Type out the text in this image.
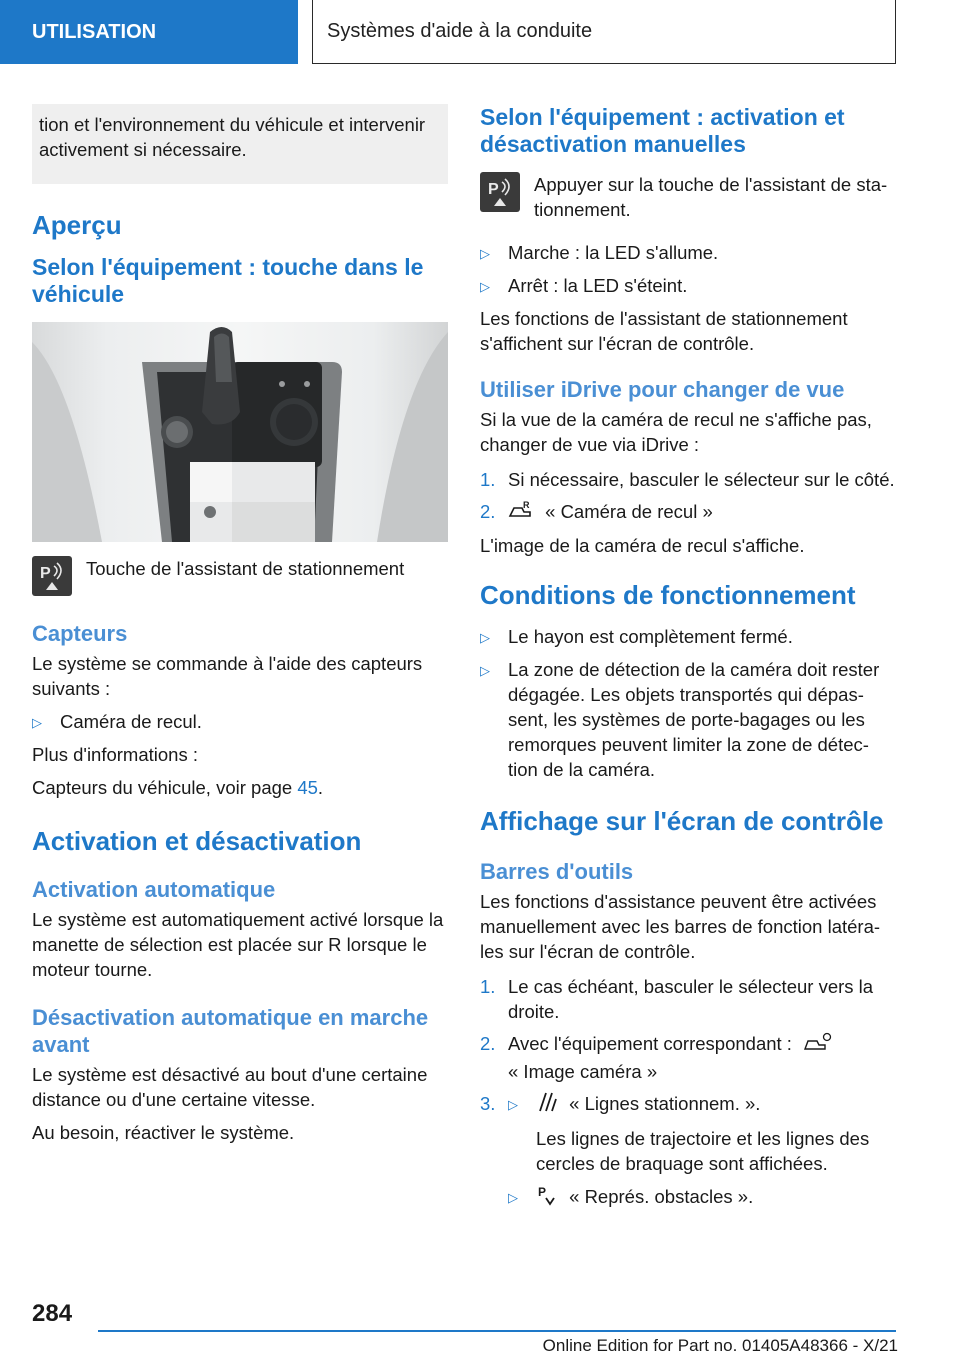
UTILISATION	Systèmes d'aide à la conduite
tion et l'environnement du véhicule et intervenir activement si nécessaire.
Aperçu
Selon l'équipement : touche dans le véhicule
P Touche de l'assistant de stationnement

Capteurs

Le système se commande à l'aide des capteurs suivants :

▷ Caméra de recul.

Plus d'informations :

Capteurs du véhicule, voir page 45.

Activation et désactivation
Activation automatique

Le système est automatiquement activé lorsque la manette de sélection est placée sur R lorsque le moteur tourne.

Désactivation automatique en marche avant

Le système est désactivé au bout d'une certaine distance ou d'une certaine vitesse.

Au besoin, réactiver le système.

Selon l'équipement : activation et désactivation manuelles
P Appuyer sur la touche de l'assistant de sta-tionnement.

▷ Marche : la LED s'allume.
▷ Arrêt : la LED s'éteint.

Les fonctions de l'assistant de stationnement s'affichent sur l'écran de contrôle.

Utiliser iDrive pour changer de vue

Si la vue de la caméra de recul ne s'affiche pas, changer de vue via iDrive :

1. Si nécessaire, basculer le sélecteur sur le côté.
2.	R « Caméra de recul »

L'image de la caméra de recul s'affiche.

Conditions de fonctionnement
▷ Le hayon est complètement fermé.
▷ La zone de détection de la caméra doit rester dégagée. Les objets transportés qui dépas-sent, les systèmes de porte-bagages ou les remorques peuvent limiter la zone de détec-tion de la caméra.
Affichage sur l'écran de contrôle
Barres d'outils

Les fonctions d'assistance peuvent être activées manuellement avec les barres de fonction latéra-les sur l'écran de contrôle.

1. Le cas échéant, basculer le sélecteur vers la droite.
2. Avec l'équipement correspondant :
« Image caméra »
3. ▷	« Lignes stationnem. ».

Les lignes de trajectoire et les lignes des cercles de braquage sont affichées.

▷	P « Représ. obstacles ».
284
Online Edition for Part no. 01405A48366 - X/21
